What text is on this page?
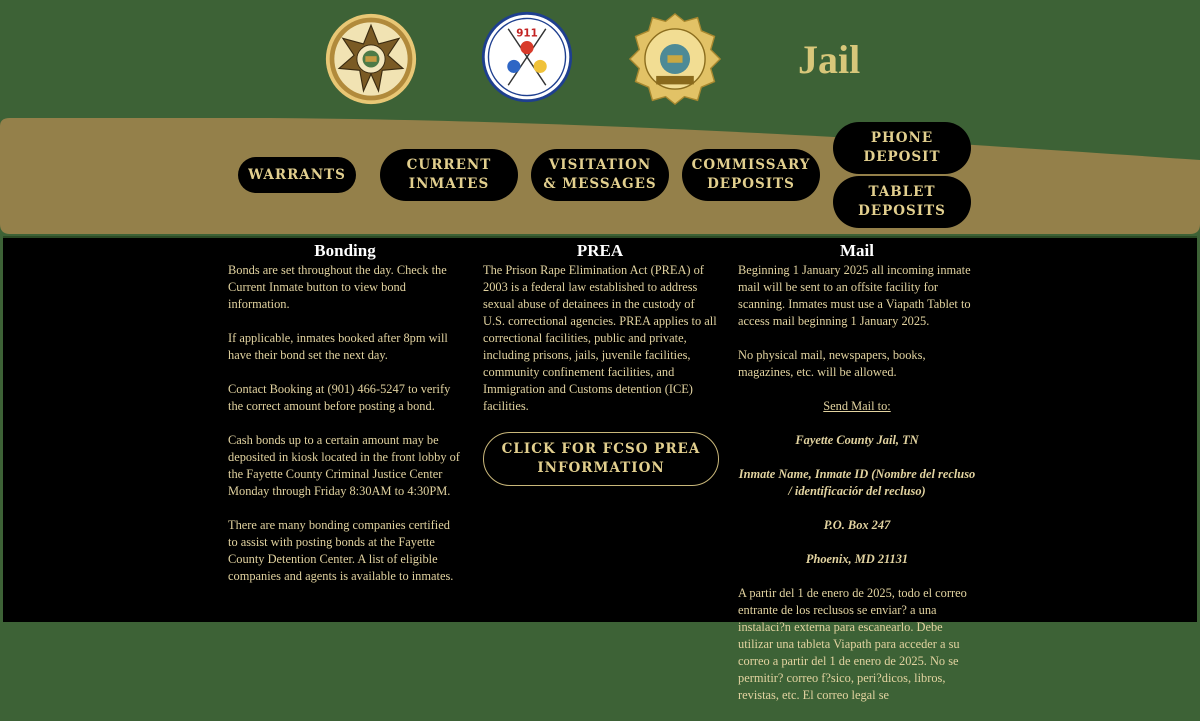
911
Jail
WARRANTS
CURRENT
INMATES
VISITATION
& MESSAGES
COMMISSARY
DEPOSITS
PHONE
DEPOSIT
TABLET
DEPOSITS
Bonding

Bonds are set throughout the day. Check the Current Inmate button to view bond information.

If applicable, inmates booked after 8pm will have their bond set the next day.

Contact Booking at (901) 466-5247 to verify the correct amount before posting a bond.

Cash bonds up to a certain amount may be deposited in kiosk located in the front lobby of the Fayette County Criminal Justice Center Monday through Friday 8:30AM to 4:30PM.

There are many bonding companies certified to assist with posting bonds at the Fayette County Detention Center. A list of eligible companies and agents is available to inmates.

PREA

The Prison Rape Elimination Act (PREA) of 2003 is a federal law established to address sexual abuse of detainees in the custody of U.S. correctional agencies. PREA applies to all correctional facilities, public and private, including prisons, jails, juvenile facilities, community confinement facilities, and Immigration and Customs detention (ICE) facilities.

CLICK FOR FCSO PREA
INFORMATION
Mail

Beginning 1 January 2025 all incoming inmate mail will be sent to an offsite facility for scanning. Inmates must use a Viapath Tablet to access mail beginning 1 January 2025.

No physical mail, newspapers, books, magazines, etc. will be allowed.

Send Mail to:

Fayette County Jail, TN

Inmate Name, Inmate ID (Nombre del recluso / identificaciór del recluso)

P.O. Box 247

Phoenix, MD 21131

A partir del 1 de enero de 2025, todo el correo entrante de los reclusos se enviar? a una instalaci?n externa para escanearlo. Debe utilizar una tableta Viapath para acceder a su correo a partir del 1 de enero de 2025. No se permitir? correo f?sico, peri?dicos, libros, revistas, etc. El correo legal se
